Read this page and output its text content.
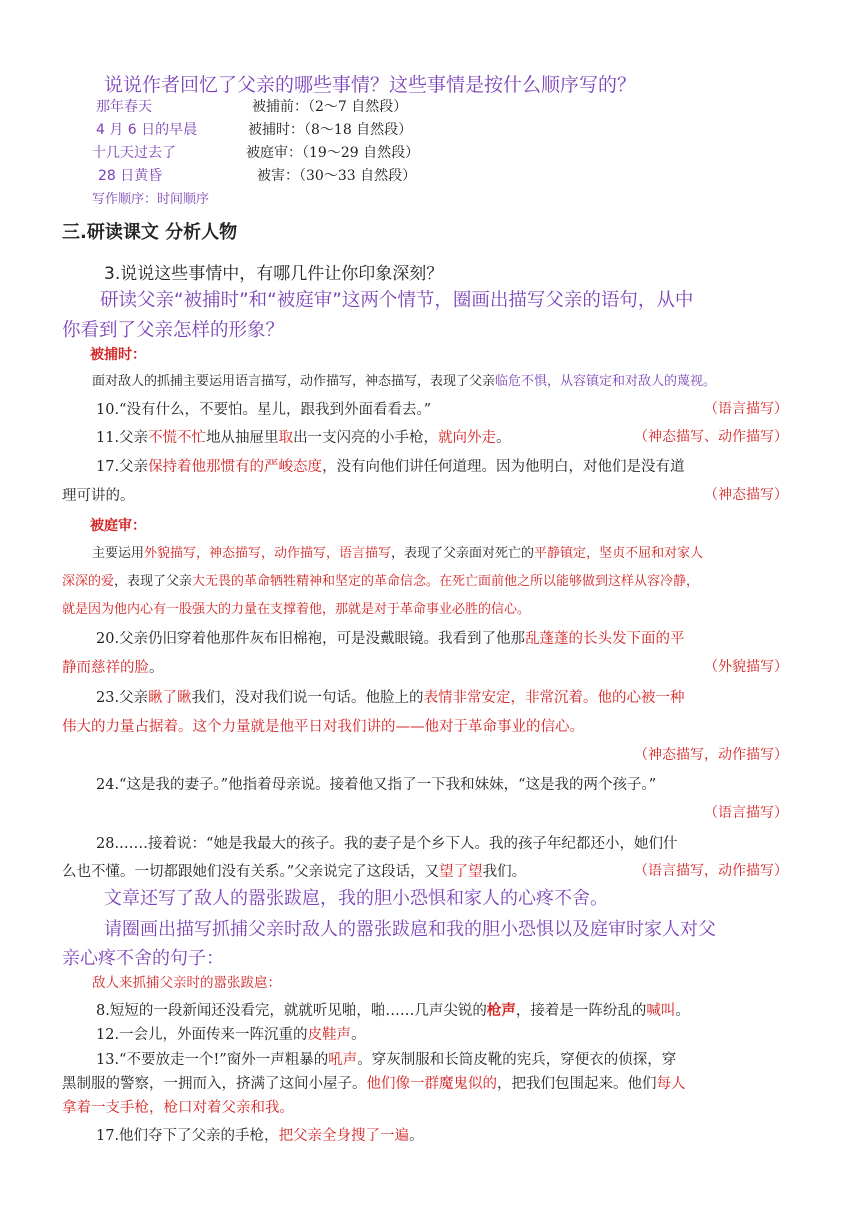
说说作者回忆了父亲的哪些事情？这些事情是按什么顺序写的？
那年春天	被捕前：（2～7 自然段）
4 月 6 日的早晨	被捕时：（8～18 自然段）
十几天过去了	被庭审：（19～29 自然段）
28 日黄昏	被害：（30～33 自然段）
写作顺序：时间顺序
三.研读课文 分析人物
3.说说这些事情中，有哪几件让你印象深刻？
研读父亲“被捕时”和“被庭审”这两个情节，圈画出描写父亲的语句，从中
你看到了父亲怎样的形象？
被捕时：
面对敌人的抓捕主要运用语言描写，动作描写，神态描写，表现了父亲临危不惧，从容镇定和对敌人的蔑视。
10.“没有什么，不要怕。星儿，跟我到外面看看去。”	（语言描写）
11.父亲不慌不忙地从抽屉里取出一支闪亮的小手枪，就向外走。	（神态描写、动作描写）
17.父亲保持着他那惯有的严峻态度，没有向他们讲任何道理。因为他明白，对他们是没有道
理可讲的。	（神态描写）
被庭审：
主要运用外貌描写，神态描写，动作描写，语言描写，表现了父亲面对死亡的平静镇定，坚贞不屈和对家人
深深的爱，表现了父亲大无畏的革命牺牲精神和坚定的革命信念。在死亡面前他之所以能够做到这样从容冷静，
就是因为他内心有一股强大的力量在支撑着他，那就是对于革命事业必胜的信心。
20.父亲仍旧穿着他那件灰布旧棉袍，可是没戴眼镜。我看到了他那乱蓬蓬的长头发下面的平
静而慈祥的脸。	（外貌描写）
23.父亲瞅了瞅我们，没对我们说一句话。他脸上的表情非常安定，非常沉着。他的心被一种
伟大的力量占据着。这个力量就是他平日对我们讲的——他对于革命事业的信心。
（神态描写，动作描写）
24.“这是我的妻子。”他指着母亲说。接着他又指了一下我和妹妹，“这是我的两个孩子。”
（语言描写）
28.……接着说：“她是我最大的孩子。我的妻子是个乡下人。我的孩子年纪都还小，她们什
么也不懂。一切都跟她们没有关系。”父亲说完了这段话，又望了望我们。	（语言描写，动作描写）
文章还写了敌人的嚣张跋扈，我的胆小恐惧和家人的心疼不舍。
请圈画出描写抓捕父亲时敌人的嚣张跋扈和我的胆小恐惧以及庭审时家人对父
亲心疼不舍的句子：
敌人来抓捕父亲时的嚣张跋扈：
8.短短的一段新闻还没看完，就就听见啪，啪……几声尖锐的枪声，接着是一阵纷乱的喊叫。
12.一会儿，外面传来一阵沉重的皮鞋声。
13.“不要放走一个!”窗外一声粗暴的吼声。穿灰制服和长筒皮靴的宪兵，穿便衣的侦探，穿
黑制服的警察，一拥而入，挤满了这间小屋子。他们像一群魔鬼似的，把我们包围起来。他们每人
拿着一支手枪，枪口对着父亲和我。
17.他们夺下了父亲的手枪，把父亲全身搜了一遍。
